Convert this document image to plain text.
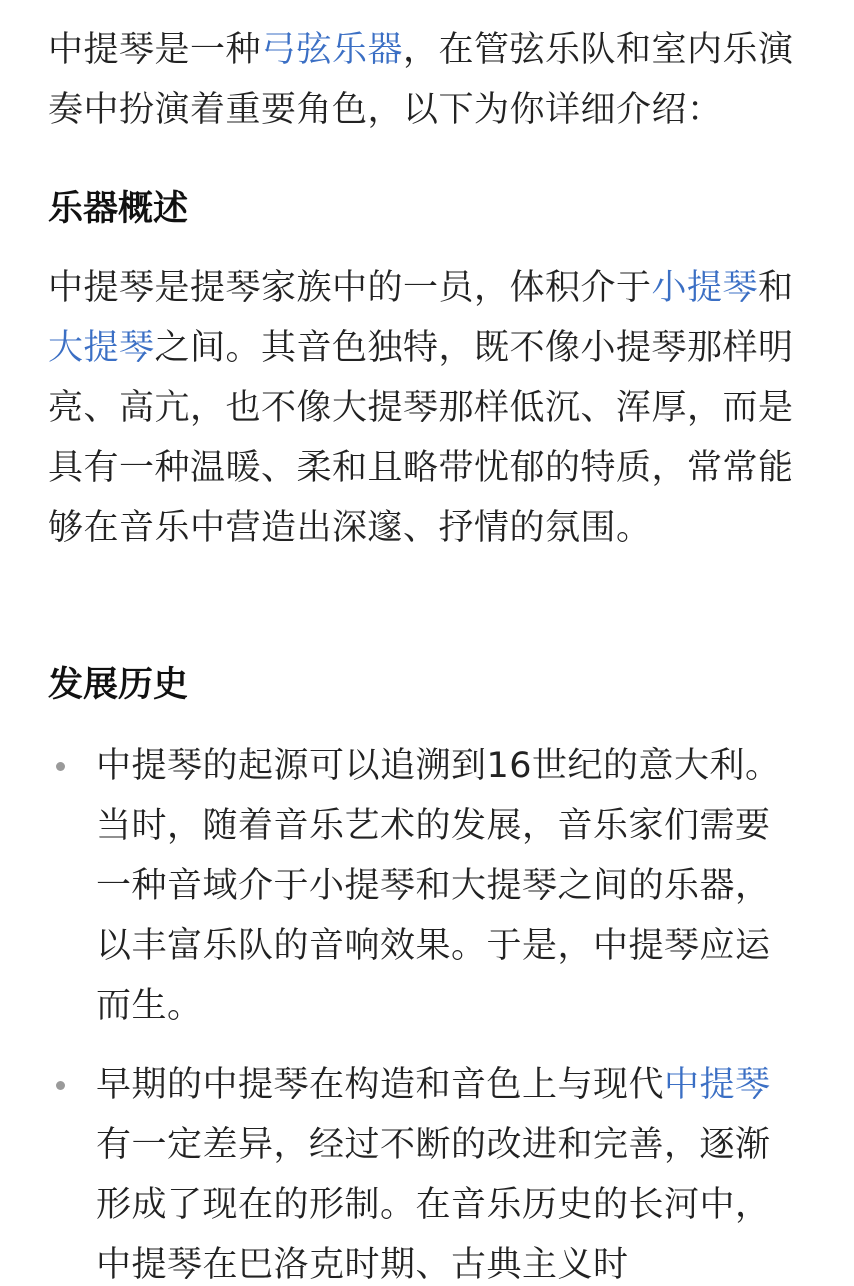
中提琴是一种弓弦乐器，在管弦乐队和室内乐演奏中扮演着重要角色，以下为你详细介绍：

乐器概述

中提琴是提琴家族中的一员，体积介于小提琴和大提琴之间。其音色独特，既不像小提琴那样明亮、高亢，也不像大提琴那样低沉、浑厚，而是具有一种温暖、柔和且略带忧郁的特质，常常能够在音乐中营造出深邃、抒情的氛围。

发展历史

中提琴的起源可以追溯到16世纪的意大利。当时，随着音乐艺术的发展，音乐家们需要一种音域介于小提琴和大提琴之间的乐器，以丰富乐队的音响效果。于是，中提琴应运而生。

早期的中提琴在构造和音色上与现代中提琴有一定差异，经过不断的改进和完善，逐渐形成了现在的形制。在音乐历史的长河中，中提琴在巴洛克时期、古典主义时
